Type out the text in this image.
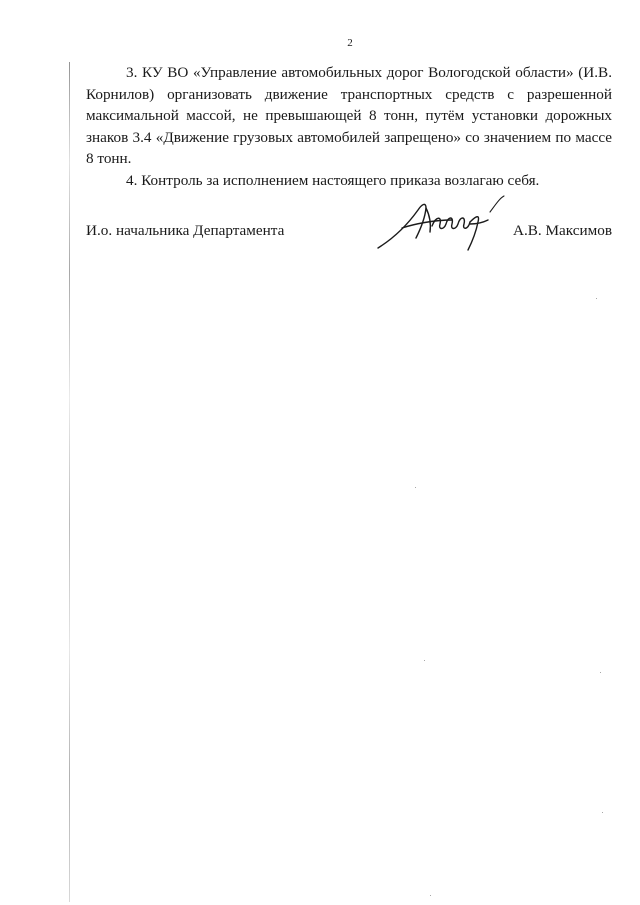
2

3. КУ ВО «Управление автомобильных дорог Вологодской области» (И.В. Корнилов) организовать движение транспортных средств с разрешенной максимальной массой, не превышающей 8 тонн, путём установки дорожных знаков 3.4 «Движение грузовых автомобилей запрещено» со значением по массе 8 тонн.

4. Контроль за исполнением настоящего приказа возлагаю себя.

И.о. начальника Департамента	А.В. Максимов
